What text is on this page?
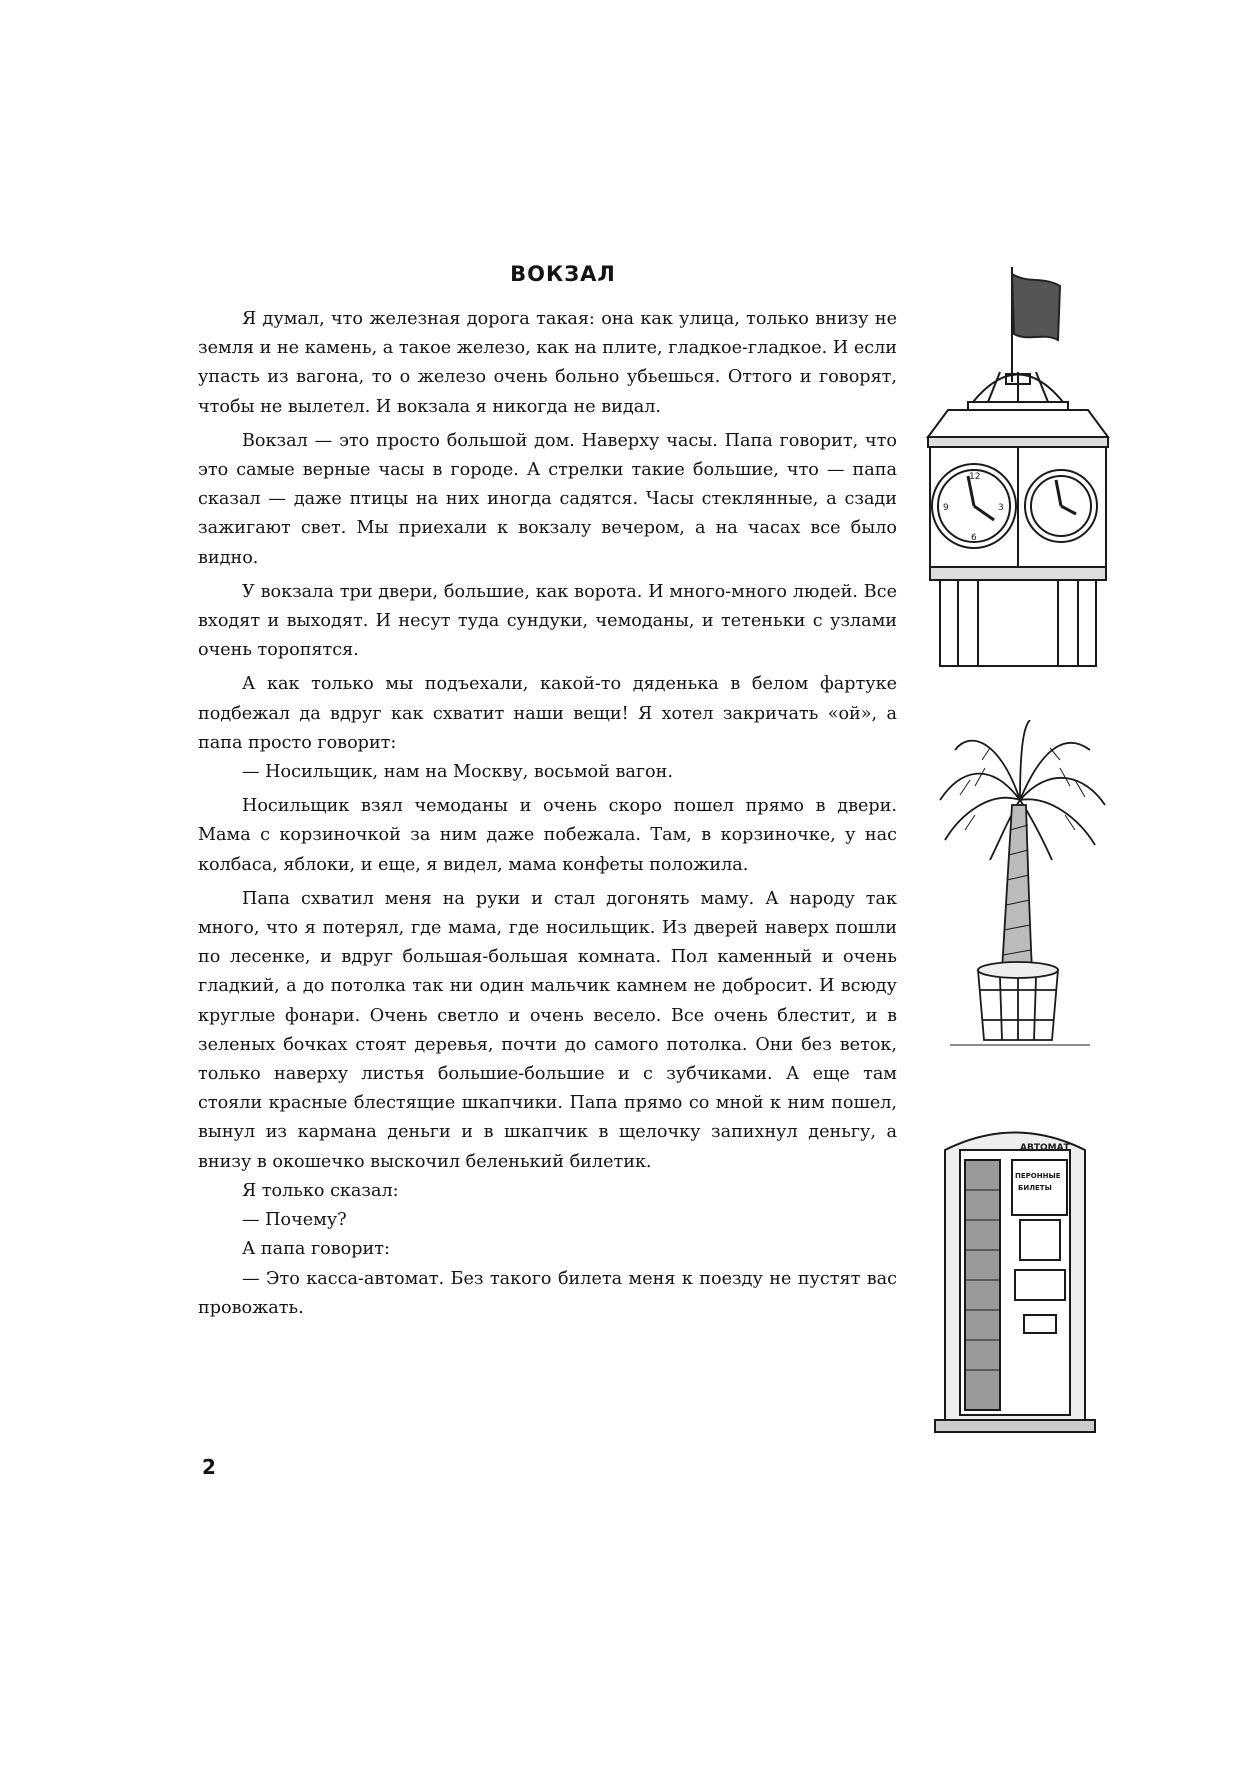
ВОКЗАЛ

Я думал, что железная дорога такая: она как улица, только внизу не земля и не камень, а такое железо, как на плите, гладкое-гладкое. И если упасть из вагона, то о железо очень больно убьешься. Оттого и говорят, чтобы не вылетел. И вокзала я никогда не видал.

Вокзал — это просто большой дом. Наверху часы. Папа говорит, что это самые верные часы в городе. А стрелки такие большие, что — папа сказал — даже птицы на них иногда садятся. Часы стеклянные, а сзади зажигают свет. Мы приехали к вокзалу вечером, а на часах все было видно.

У вокзала три двери, большие, как ворота. И много-много людей. Все входят и выходят. И несут туда сундуки, чемоданы, и тетеньки с узлами очень торопятся.

А как только мы подъехали, какой-то дяденька в белом фартуке подбежал да вдруг как схватит наши вещи! Я хотел закричать «ой», а папа просто говорит:

— Носильщик, нам на Москву, восьмой вагон.

Носильщик взял чемоданы и очень скоро пошел прямо в двери. Мама с корзиночкой за ним даже побежала. Там, в корзиночке, у нас колбаса, яблоки, и еще, я видел, мама конфеты положила.

Папа схватил меня на руки и стал догонять маму. А народу так много, что я потерял, где мама, где носильщик. Из дверей наверх пошли по лесенке, и вдруг большая-большая комната. Пол каменный и очень гладкий, а до потолка так ни один мальчик камнем не добросит. И всюду круглые фонари. Очень светло и очень весело. Все очень блестит, и в зеленых бочках стоят деревья, почти до самого потолка. Они без веток, только наверху листья большие-большие и с зубчиками. А еще там стояли красные блестящие шкапчики. Папа прямо со мной к ним пошел, вынул из кармана деньги и в шкапчик в щелочку запихнул деньгу, а внизу в окошечко выскочил беленький билетик.

Я только сказал:

— Почему?

А папа говорит:

— Это касса-автомат. Без такого билета меня к поезду не пустят вас провожать.

2
12
3
6
9
АВТОМАТ
ПЕРОННЫЕ
БИЛЕТЫ
